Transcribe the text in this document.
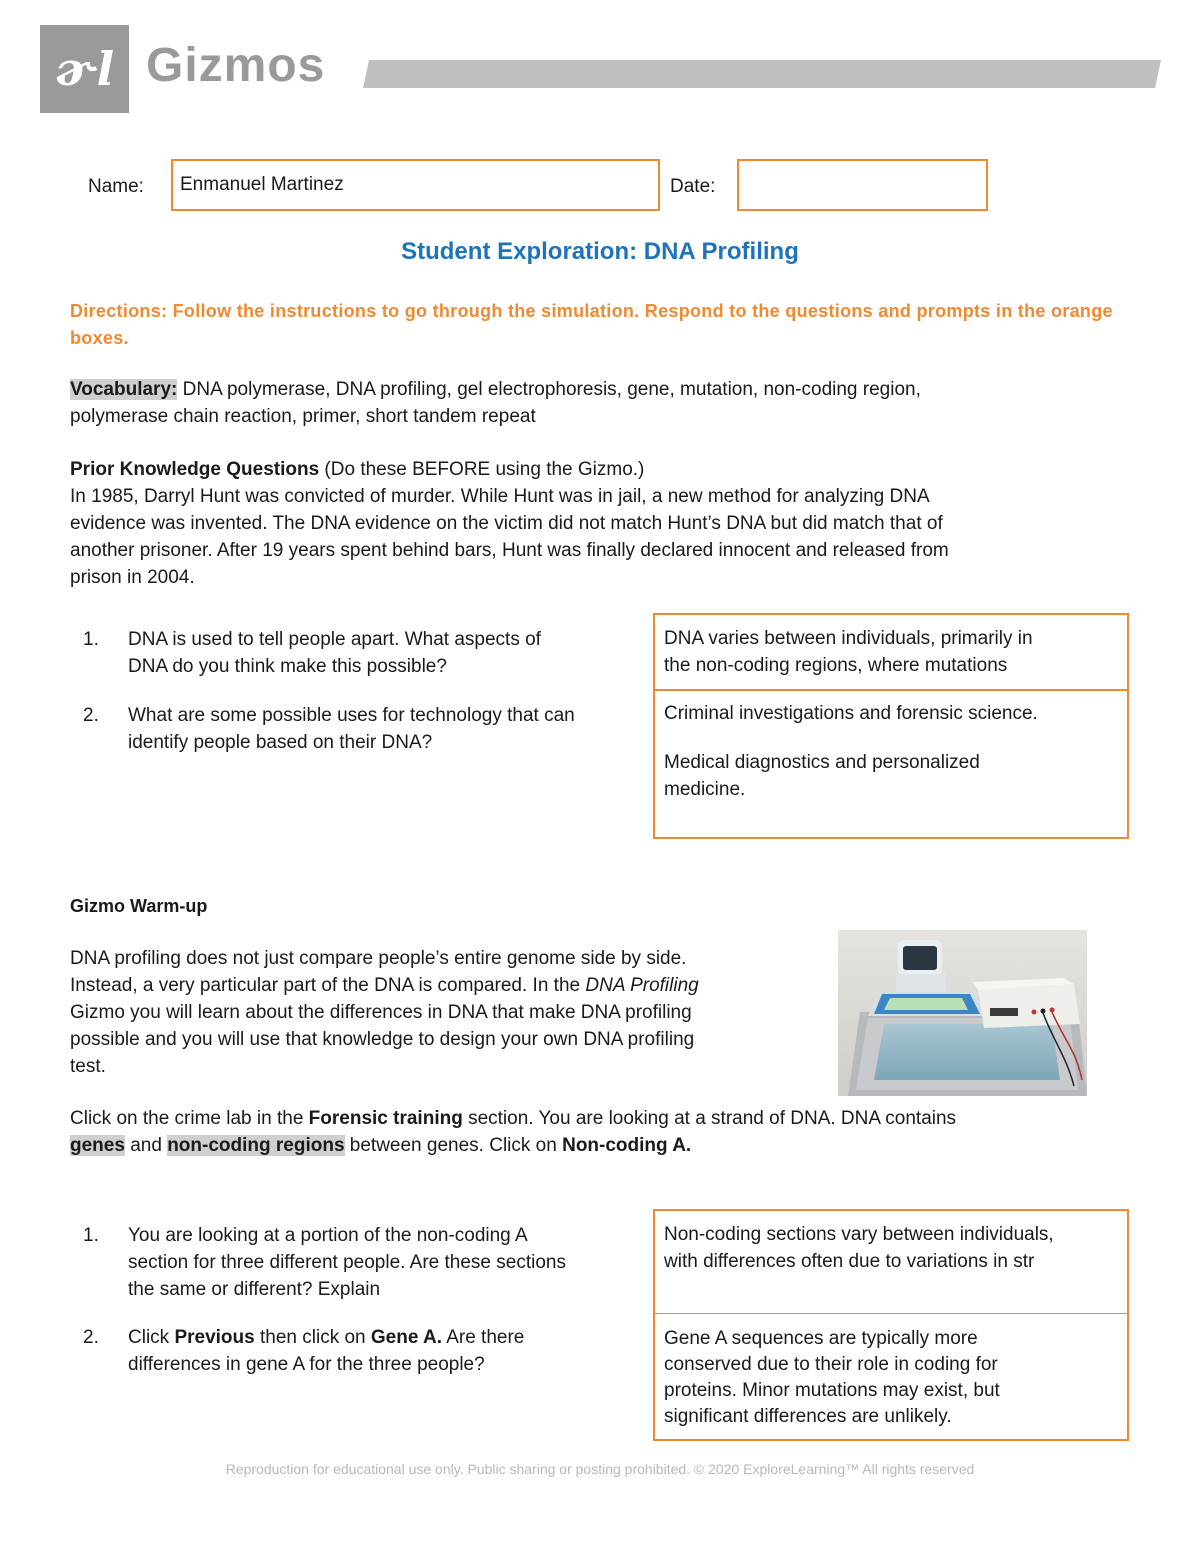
ɚl Gizmos
Name: Enmanuel Martinez	Date:
Student Exploration: DNA Profiling
Directions: Follow the instructions to go through the simulation. Respond to the questions and prompts in the orange boxes.
Vocabulary: DNA polymerase, DNA profiling, gel electrophoresis, gene, mutation, non-coding region,
polymerase chain reaction, primer, short tandem repeat
Prior Knowledge Questions (Do these BEFORE using the Gizmo.)
In 1985, Darryl Hunt was convicted of murder. While Hunt was in jail, a new method for analyzing DNA
evidence was invented. The DNA evidence on the victim did not match Hunt’s DNA but did match that of
another prisoner. After 19 years spent behind bars, Hunt was finally declared innocent and released from
prison in 2004.
1. DNA is used to tell people apart. What aspects of
DNA do you think make this possible?

DNA varies between individuals, primarily in

the non-coding regions, where mutations

2. What are some possible uses for technology that can
identify people based on their DNA?

Criminal investigations and forensic science.

Medical diagnostics and personalized

medicine.

Gizmo Warm-up
DNA profiling does not just compare people’s entire genome side by side.
Instead, a very particular part of the DNA is compared. In the DNA Profiling
Gizmo you will learn about the differences in DNA that make DNA profiling
possible and you will use that knowledge to design your own DNA profiling
test.
Click on the crime lab in the Forensic training section. You are looking at a strand of DNA. DNA contains
genes and non-coding regions between genes. Click on Non-coding A.
1. You are looking at a portion of the non-coding A
section for three different people. Are these sections
the same or different? Explain

Non-coding sections vary between individuals,

with differences often due to variations in str

2. Click Previous then click on Gene A. Are there
differences in gene A for the three people?

Gene A sequences are typically more

conserved due to their role in coding for

proteins. Minor mutations may exist, but

significant differences are unlikely.

Reproduction for educational use only. Public sharing or posting prohibited. © 2020 ExploreLearning™ All rights reserved
